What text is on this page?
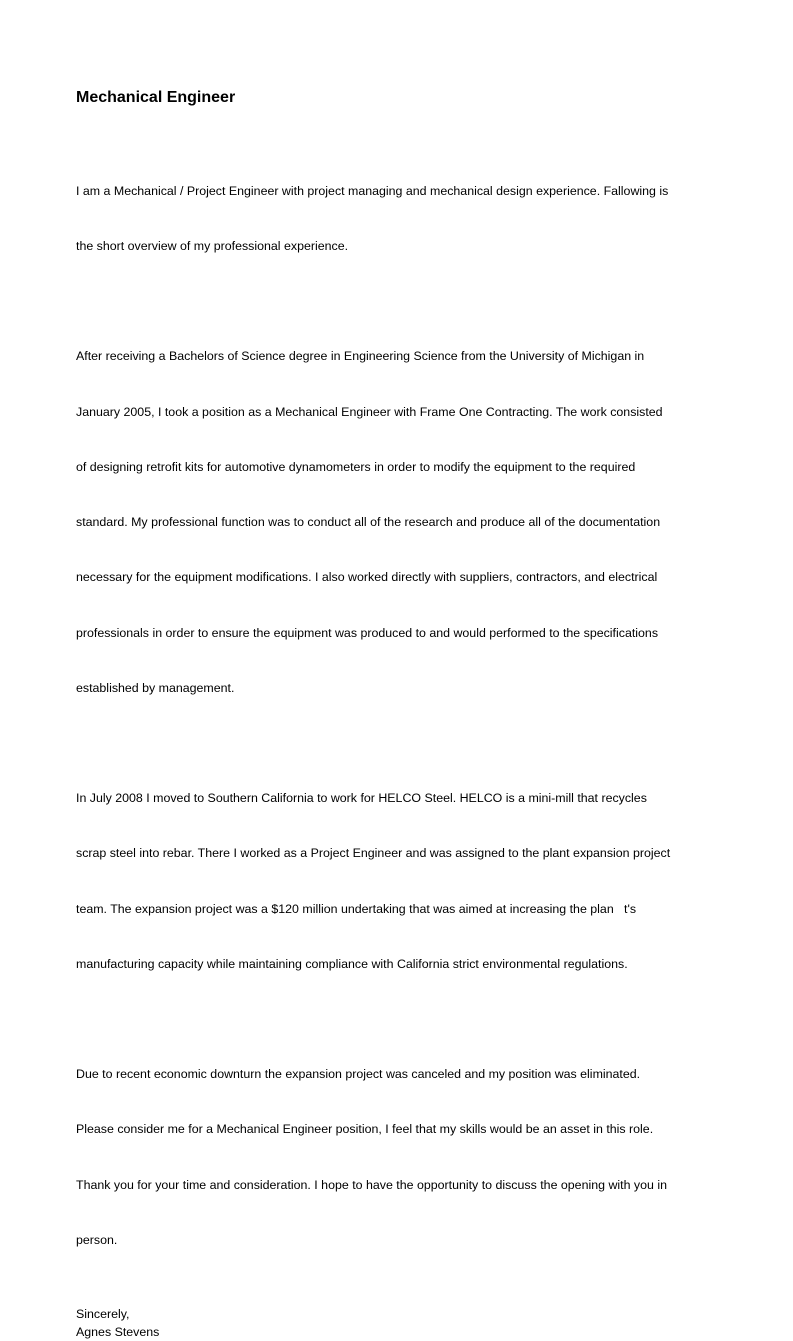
Mechanical Engineer

I am a Mechanical / Project Engineer with project managing and mechanical design experience. Fallowing is

the short overview of my professional experience.

After receiving a Bachelors of Science degree in Engineering Science from the University of Michigan in

January 2005, I took a position as a Mechanical Engineer with Frame One Contracting. The work consisted

of designing retrofit kits for automotive dynamometers in order to modify the equipment to the required

standard. My professional function was to conduct all of the research and produce all of the documentation

necessary for the equipment modifications. I also worked directly with suppliers, contractors, and electrical

professionals in order to ensure the equipment was produced to and would performed to the specifications

established by management.

In July 2008 I moved to Southern California to work for HELCO Steel. HELCO is a mini-mill that recycles

scrap steel into rebar. There I worked as a Project Engineer and was assigned to the plant expansion project

team. The expansion project was a $120 million undertaking that was aimed at increasing the plan   t's

manufacturing capacity while maintaining compliance with California strict environmental regulations.

Due to recent economic downturn the expansion project was canceled and my position was eliminated.

Please consider me for a Mechanical Engineer position, I feel that my skills would be an asset in this role.

Thank you for your time and consideration. I hope to have the opportunity to discuss the opening with you in

person.

Sincerely,
Agnes Stevens
